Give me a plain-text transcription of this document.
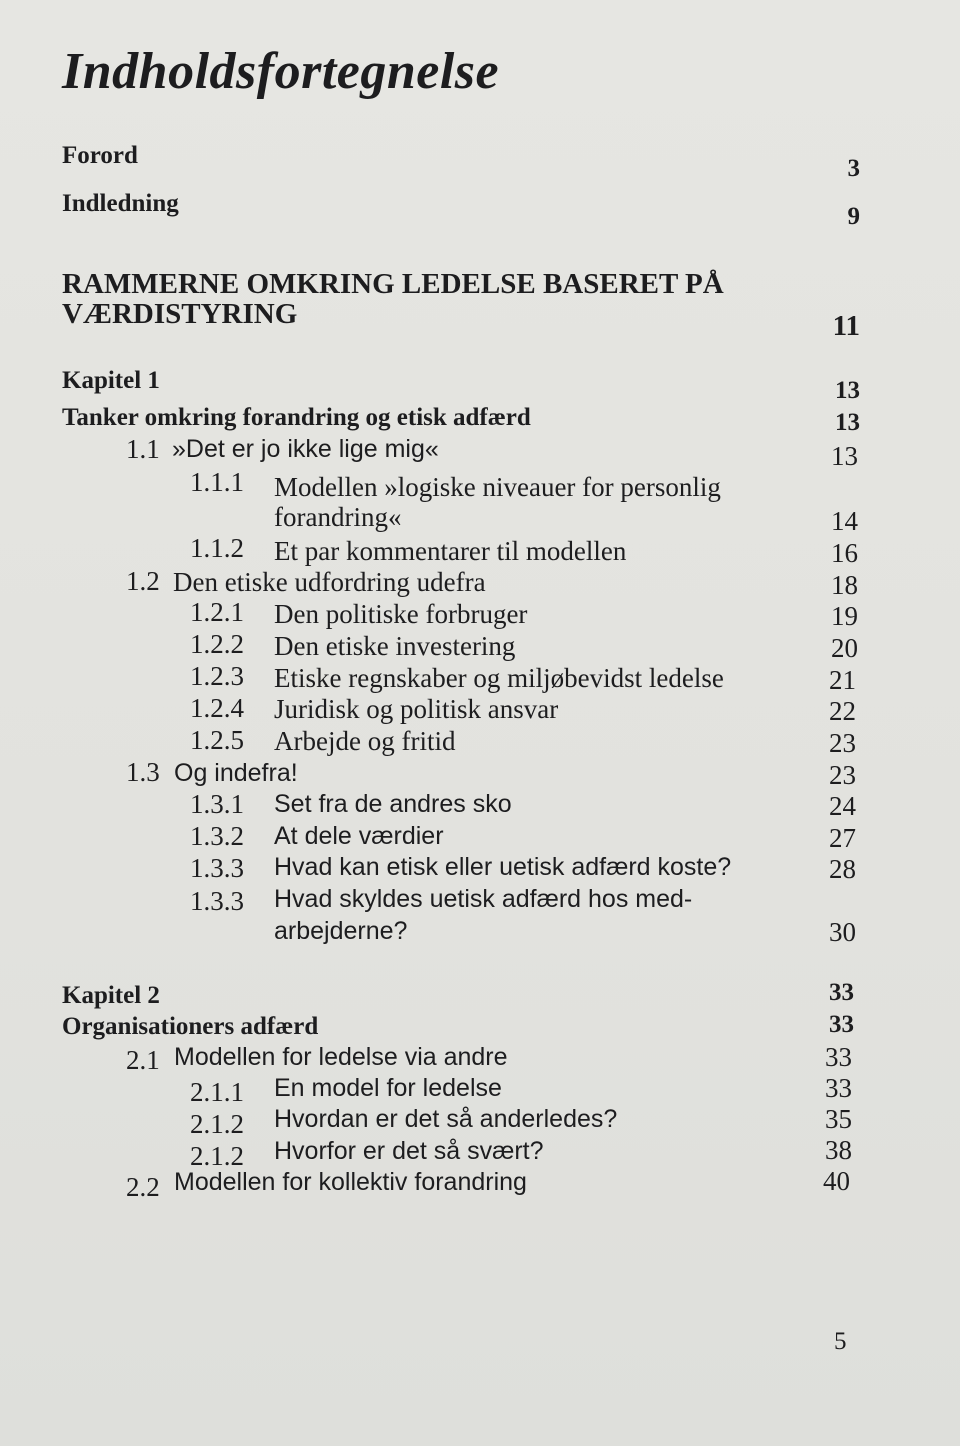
Indholdsfortegnelse
Forord	3
Indledning	9
RAMMERNE OMKRING LEDELSE BASERET PÅ
VÆRDISTYRING	11
Kapitel 1	13
Tanker omkring forandring og etisk adfærd	13
1.1 »Det er jo ikke lige mig«	13
1.1.1 Modellen »logiske niveauer for personlig
forandring«	14
1.1.2 Et par kommentarer til modellen	16
1.2 Den etiske udfordring udefra	18
1.2.1 Den politiske forbruger	19
1.2.2 Den etiske investering	20
1.2.3 Etiske regnskaber og miljøbevidst ledelse	21
1.2.4 Juridisk og politisk ansvar	22
1.2.5 Arbejde og fritid	23
1.3 Og indefra!	23
1.3.1 Set fra de andres sko	24
1.3.2 At dele værdier	27
1.3.3 Hvad kan etisk eller uetisk adfærd koste?	28
1.3.3 Hvad skyldes uetisk adfærd hos med-
arbejderne?	30
Kapitel 2	33
Organisationers adfærd	33
2.1 Modellen for ledelse via andre	33
2.1.1 En model for ledelse	33
2.1.2 Hvordan er det så anderledes?	35
2.1.2 Hvorfor er det så svært?	38
2.2 Modellen for kollektiv forandring	40
5
